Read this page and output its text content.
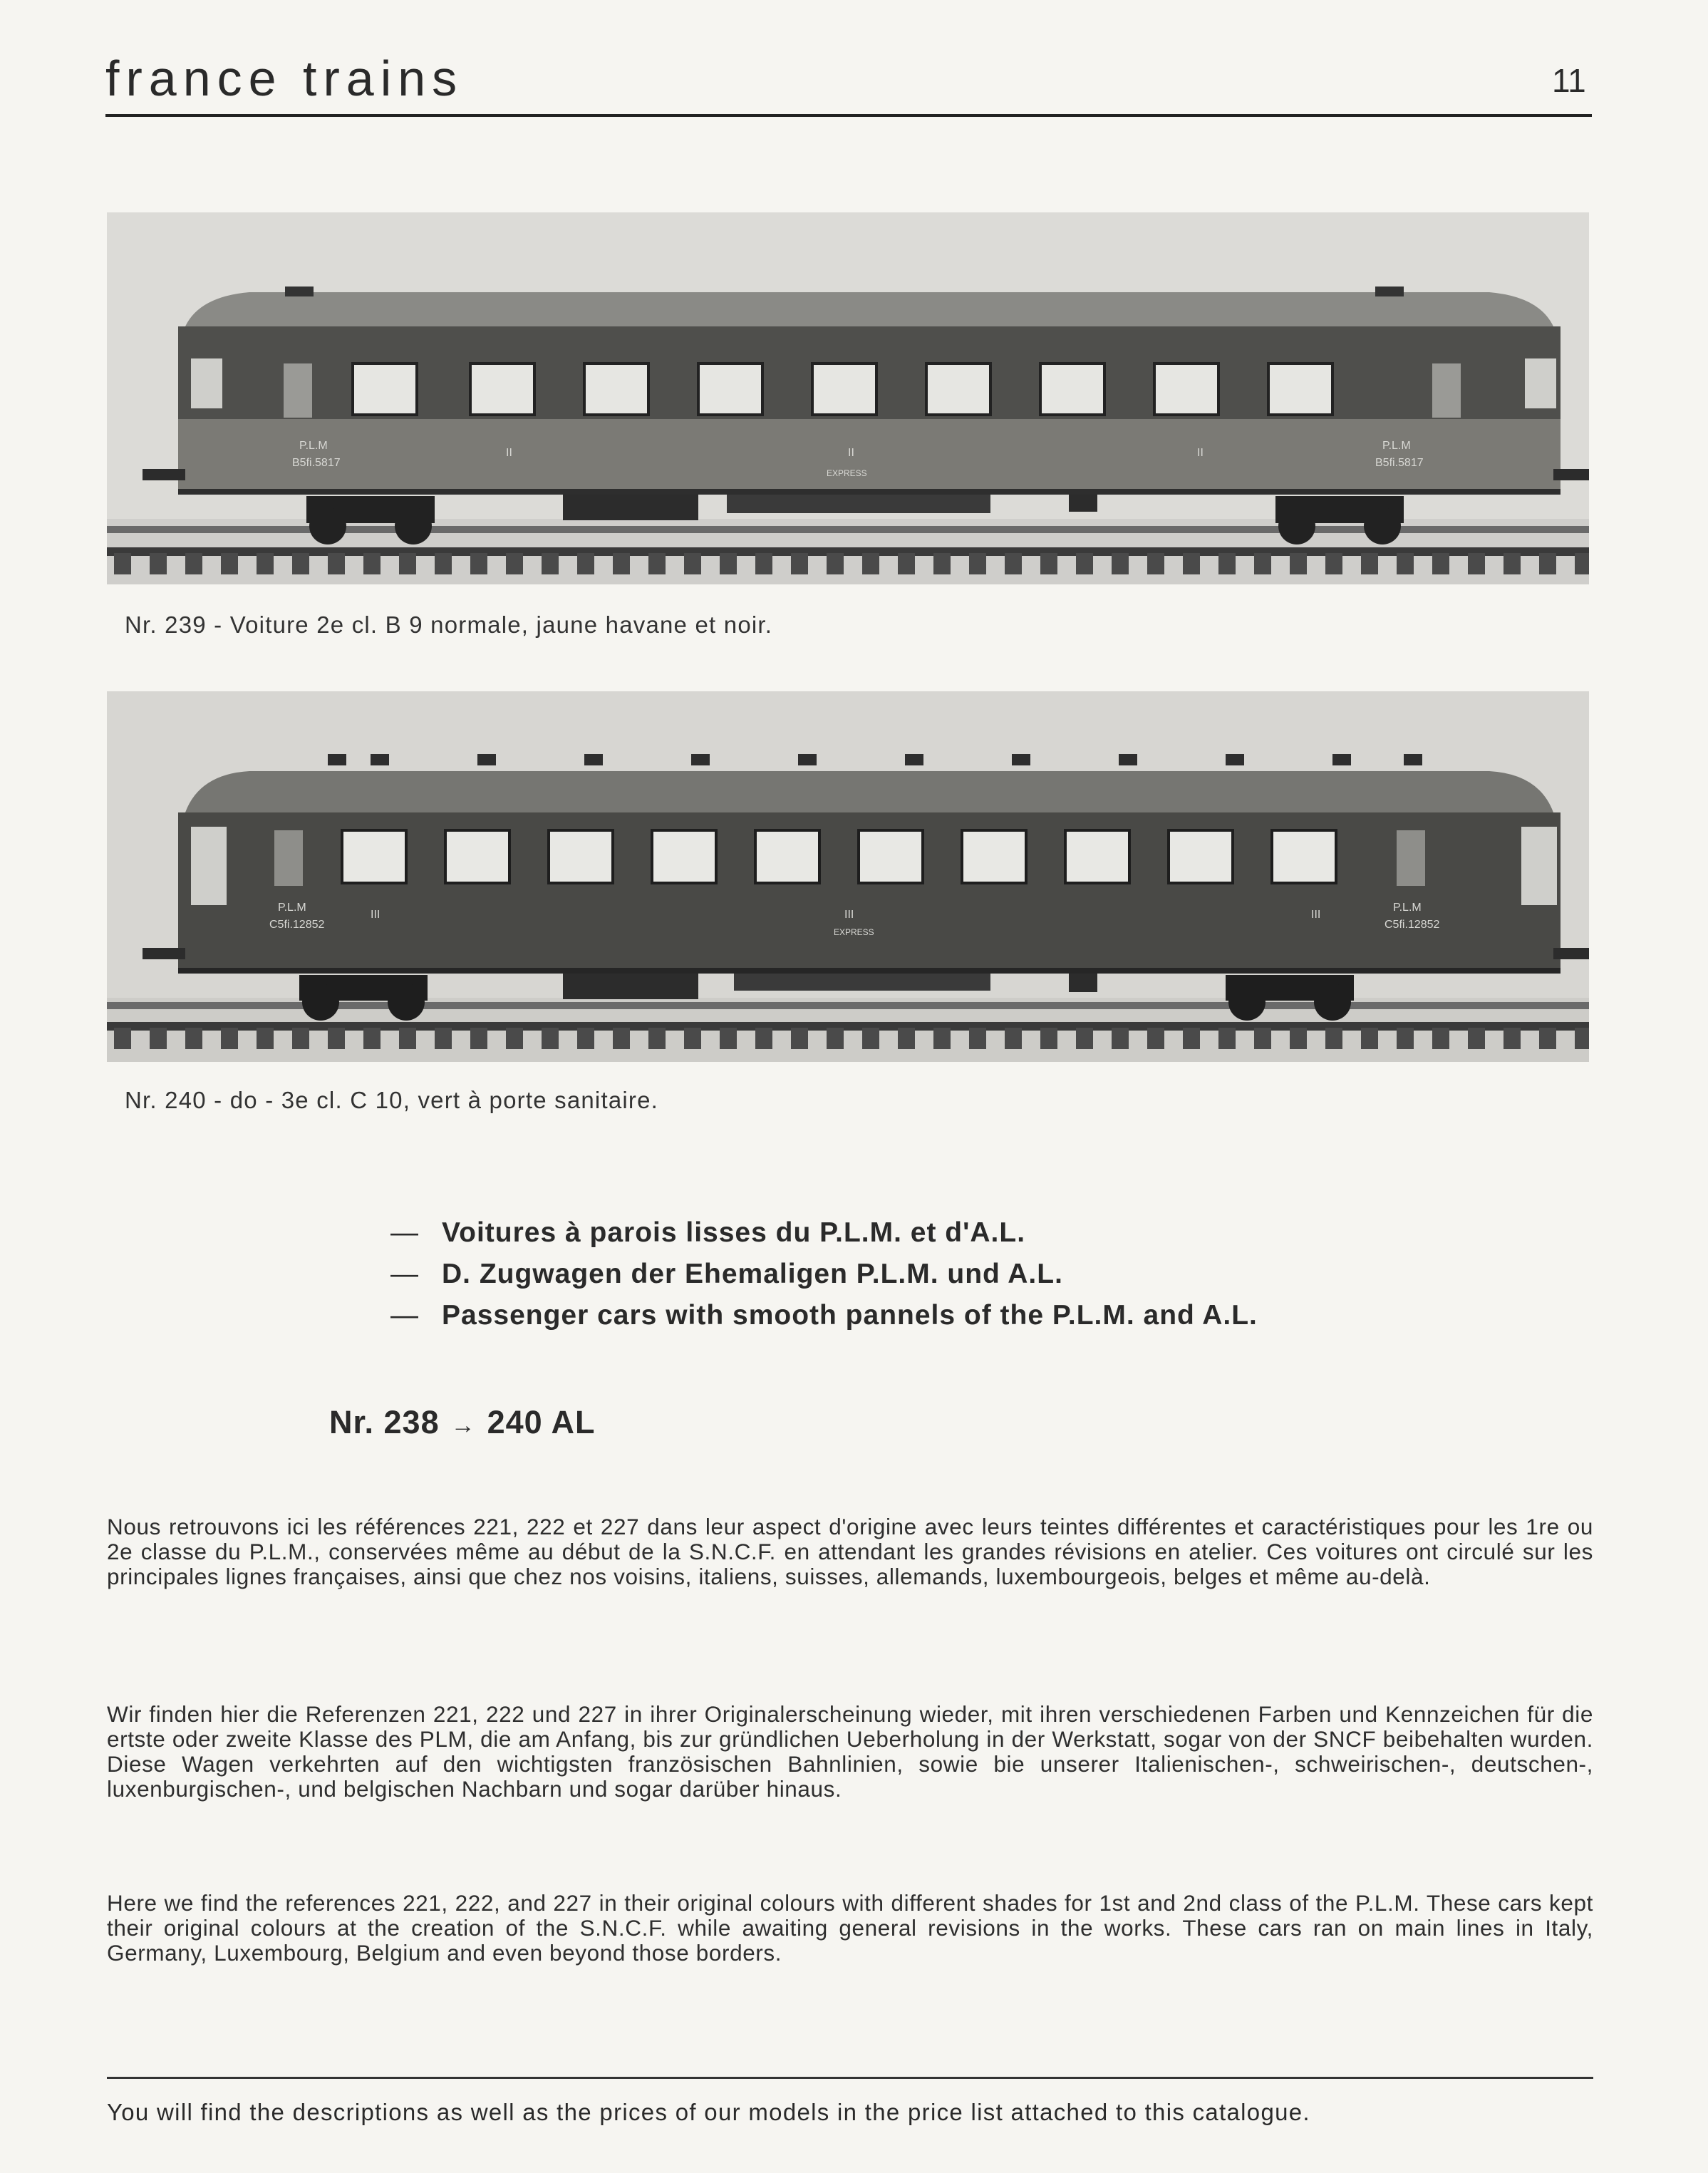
france trains	11
P.L.M
B5fi.5817
II	II	II
P.L.M
B5fi.5817
EXPRESS
Nr. 239 - Voiture 2e cl. B 9 normale, jaune havane et noir.
P.L.M
C5fi.12852
III	III	III
P.L.M
C5fi.12852
EXPRESS
Nr. 240 - do - 3e cl. C 10, vert à porte sanitaire.
— Voitures à parois lisses du P.L.M. et d'A.L.
— D. Zugwagen der Ehemaligen P.L.M. und A.L.
— Passenger cars with smooth pannels of the P.L.M. and A.L.
Nr. 238 → 240 AL

Nous retrouvons ici les références 221, 222 et 227 dans leur aspect d'origine avec leurs teintes différentes et caractéristiques pour les 1re ou 2e classe du P.L.M., conservées même au début de la S.N.C.F. en attendant les grandes révisions en atelier. Ces voitures ont circulé sur les principales lignes françaises, ainsi que chez nos voisins, italiens, suisses, allemands, luxembourgeois, belges et même au-delà.

Wir finden hier die Referenzen 221, 222 und 227 in ihrer Originalerscheinung wieder, mit ihren verschiedenen Farben und Kennzeichen für die ertste oder zweite Klasse des PLM, die am Anfang, bis zur gründlichen Ueberholung in der Werkstatt, sogar von der SNCF beibehalten wurden. Diese Wagen verkehrten auf den wichtigsten französischen Bahnlinien, sowie bie unserer Italienischen-, schweirischen-, deutschen-, luxenburgischen-, und belgischen Nachbarn und sogar darüber hinaus.

Here we find the references 221, 222, and 227 in their original colours with different shades for 1st and 2nd class of the P.L.M. These cars kept their original colours at the creation of the S.N.C.F. while awaiting general revisions in the works. These cars ran on main lines in Italy, Germany, Luxembourg, Belgium and even beyond those borders.

You will find the descriptions as well as the prices of our models in the price list attached to this catalogue.
